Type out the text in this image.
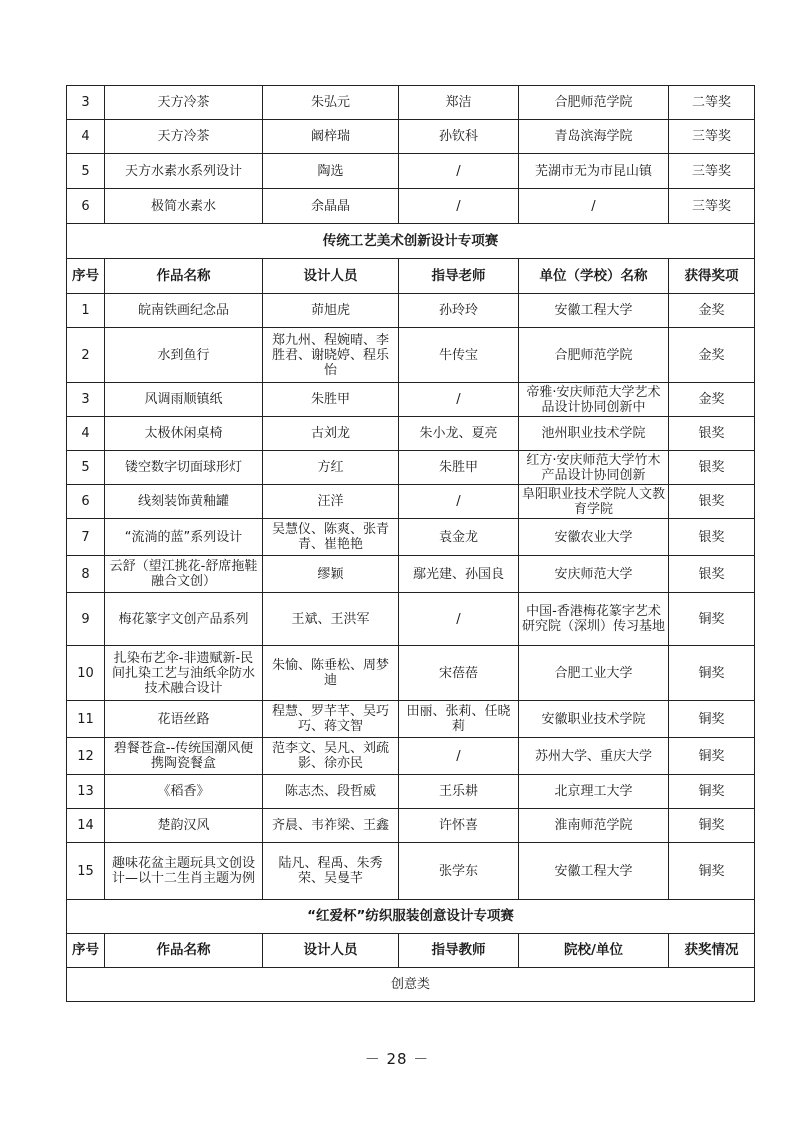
3	天方冷茶	朱弘元	郑洁	合肥师范学院	二等奖
4	天方冷茶	阚梓瑞	孙钦科	青岛滨海学院	三等奖
5	天方水素水系列设计	陶选	/	芜湖市无为市昆山镇	三等奖
6	极简水素水	余晶晶	/	/	三等奖
传统工艺美术创新设计专项赛					
序号	作品名称	设计人员	指导老师	单位（学校）名称	获得奖项
1	皖南铁画纪念品	茆旭虎	孙玲玲	安徽工程大学	金奖
2	水到鱼行	郑九州、程婉晴、李胜君、谢晓婷、程乐怡	牛传宝	合肥师范学院	金奖
3	风调雨顺镇纸	朱胜甲	/	帝雅·安庆师范大学艺术品设计协同创新中	金奖
4	太极休闲桌椅	古刘龙	朱小龙、夏亮	池州职业技术学院	银奖
5	镂空数字切面球形灯	方红	朱胜甲	红方·安庆师范大学竹木产品设计协同创新	银奖
6	线刻装饰黄釉罐	汪洋	/	阜阳职业技术学院人文教育学院	银奖
7	“流淌的蓝”系列设计	吴慧仪、陈爽、张青青、崔艳艳	袁金龙	安徽农业大学	银奖
8	云舒（望江挑花-舒席拖鞋融合文创）	缪颖	鄢光建、孙国良	安庆师范大学	银奖
9	梅花篆字文创产品系列	王斌、王洪军	/	中国-香港梅花篆字艺术研究院（深圳）传习基地	铜奖
10	扎染布艺伞-非遗赋新-民间扎染工艺与油纸伞防水技术融合设计	朱愉、陈垂松、周梦迪	宋蓓蓓	合肥工业大学	铜奖
11	花语丝路	程慧、罗芊芊、吴巧巧、蒋文智	田丽、张莉、任晓莉	安徽职业技术学院	铜奖
12	碧餐苍盒--传统国潮风便携陶瓷餐盒	范李文、吴凡、刘疏影、徐亦民	/	苏州大学、重庆大学	铜奖
13	《稻香》	陈志杰、段哲威	王乐耕	北京理工大学	铜奖
14	楚韵汉风	齐晨、韦祚梁、王鑫	许怀喜	淮南师范学院	铜奖
15	趣味花盆主题玩具文创设计—以十二生肖主题为例	陆凡、程禹、朱秀荣、吴曼芊	张学东	安徽工程大学	铜奖
“红爱杯”纺织服装创意设计专项赛					
序号	作品名称	设计人员	指导教师	院校/单位	获奖情况
创意类					
－ 28 －
